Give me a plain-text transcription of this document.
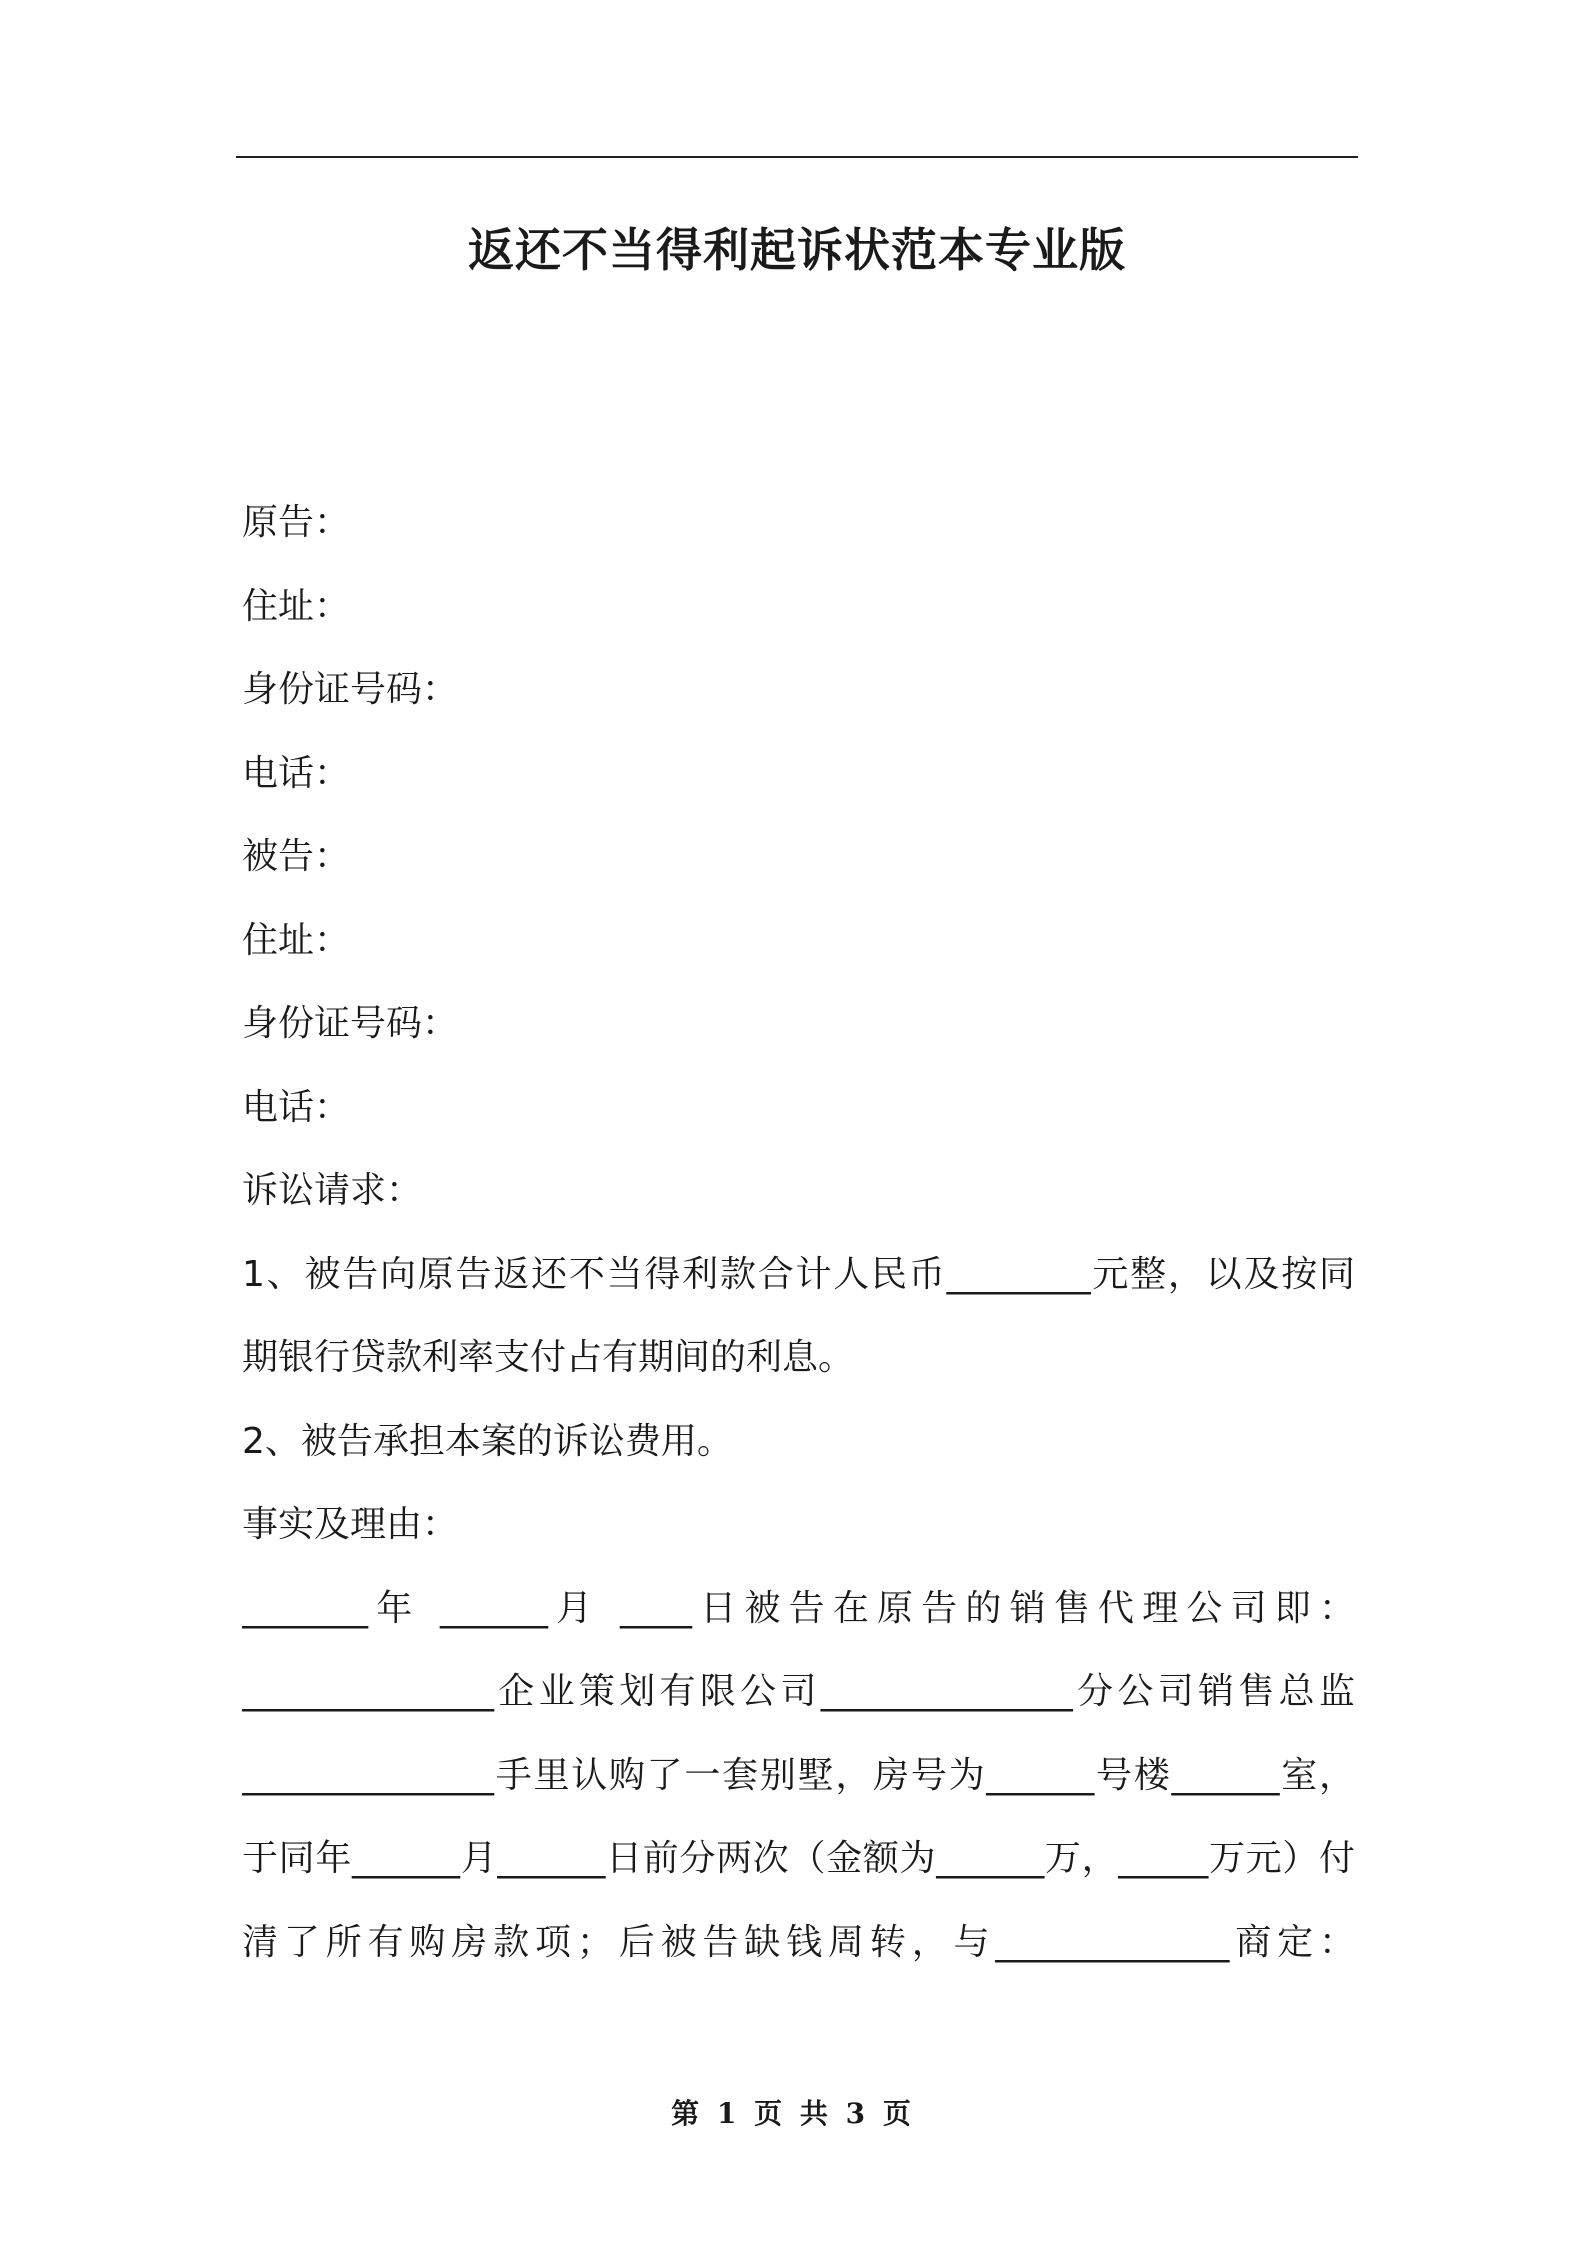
返还不当得利起诉状范本专业版

原告：

住址：

身份证号码：

电话：

被告：

住址：

身份证号码：

电话：

诉讼请求：

1、被告向原告返还不当得利款合计人民币________元整，以及按同

期银行贷款利率支付占有期间的利息。

2、被告承担本案的诉讼费用。

事实及理由：

_______年 ______月 ____日被告在原告的销售代理公司即：

______________企业策划有限公司______________分公司销售总监

______________手里认购了一套别墅，房号为______号楼______室，

于同年______月______日前分两次（金额为______万，_____万元）付

清了所有购房款项；后被告缺钱周转，与_____________商定：

第 1 页 共 3 页
